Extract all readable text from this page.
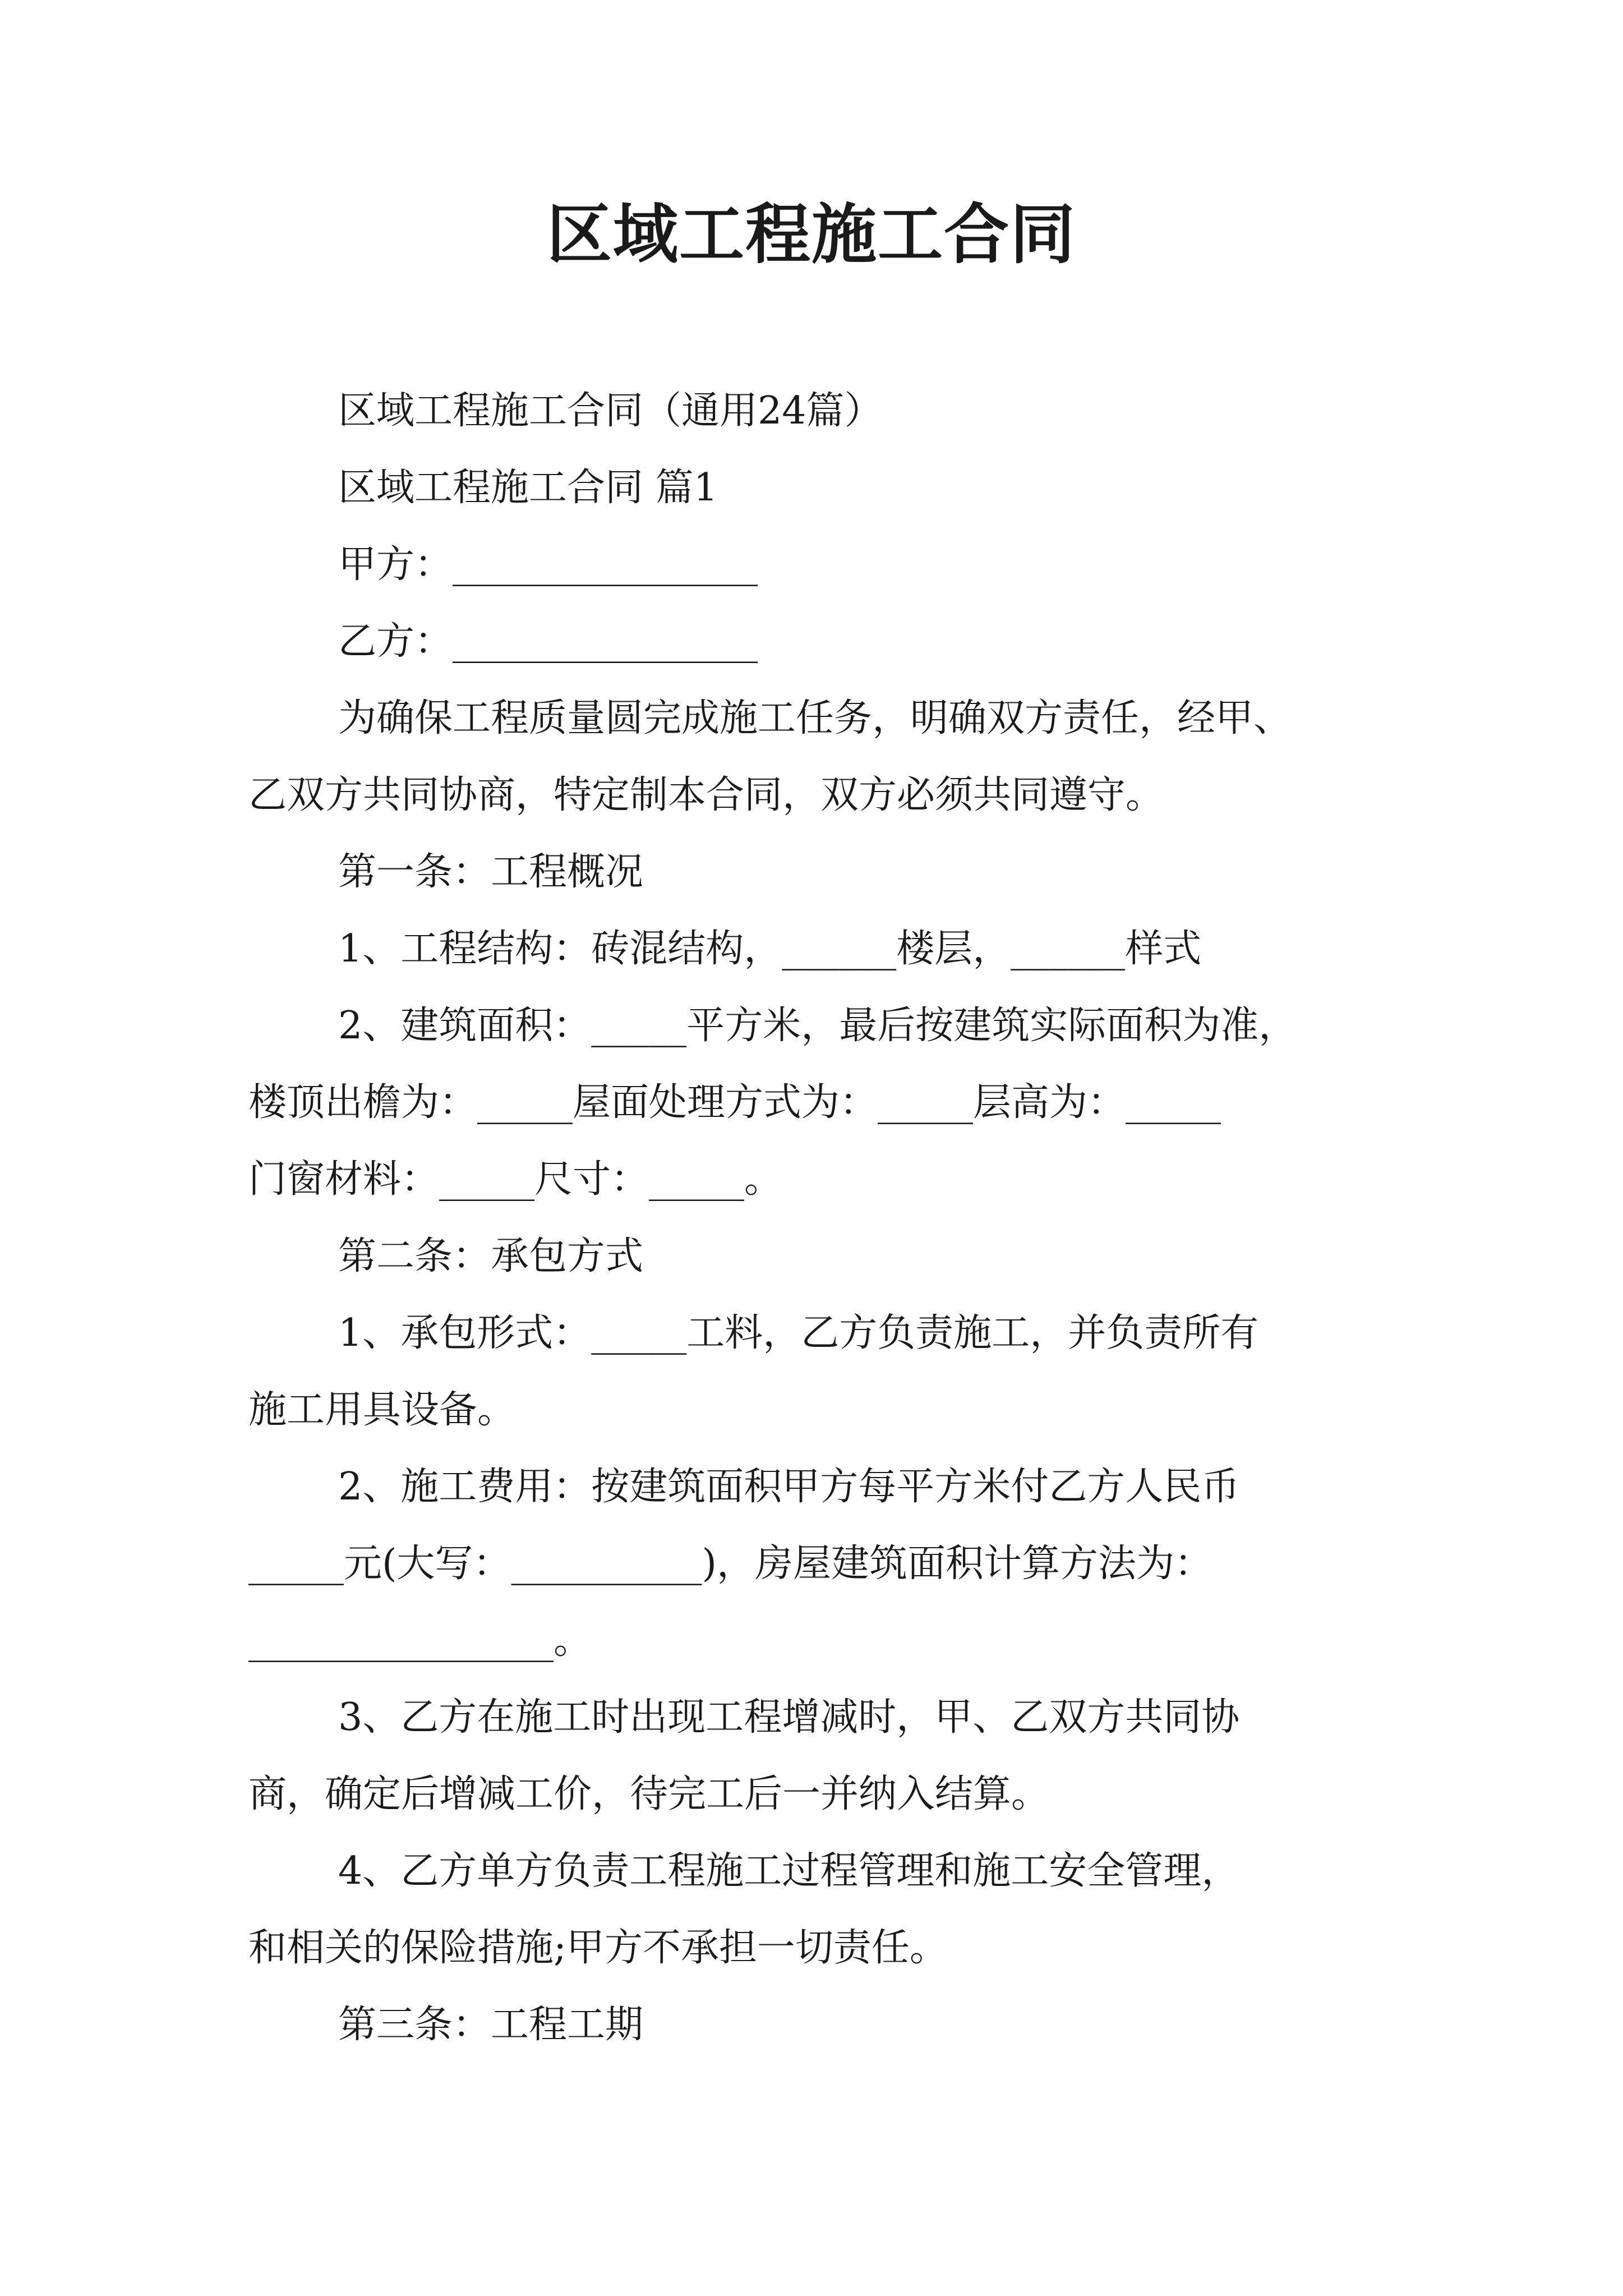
区域工程施工合同
区域工程施工合同（通用24篇）
区域工程施工合同 篇1
甲方：________________
乙方：________________
为确保工程质量圆完成施工任务，明确双方责任，经甲、
乙双方共同协商，特定制本合同，双方必须共同遵守。
第一条：工程概况
1、工程结构：砖混结构，______楼层，______样式
2、建筑面积：_____平方米，最后按建筑实际面积为准，
楼顶出檐为：_____屋面处理方式为：_____层高为：_____
门窗材料：_____尺寸：_____。
第二条：承包方式
1、承包形式：_____工料，乙方负责施工，并负责所有
施工用具设备。
2、施工费用：按建筑面积甲方每平方米付乙方人民币
_____元(大写：__________)，房屋建筑面积计算方法为：
________________。
3、乙方在施工时出现工程增减时，甲、乙双方共同协
商，确定后增减工价，待完工后一并纳入结算。
4、乙方单方负责工程施工过程管理和施工安全管理，
和相关的保险措施;甲方不承担一切责任。
第三条：工程工期
